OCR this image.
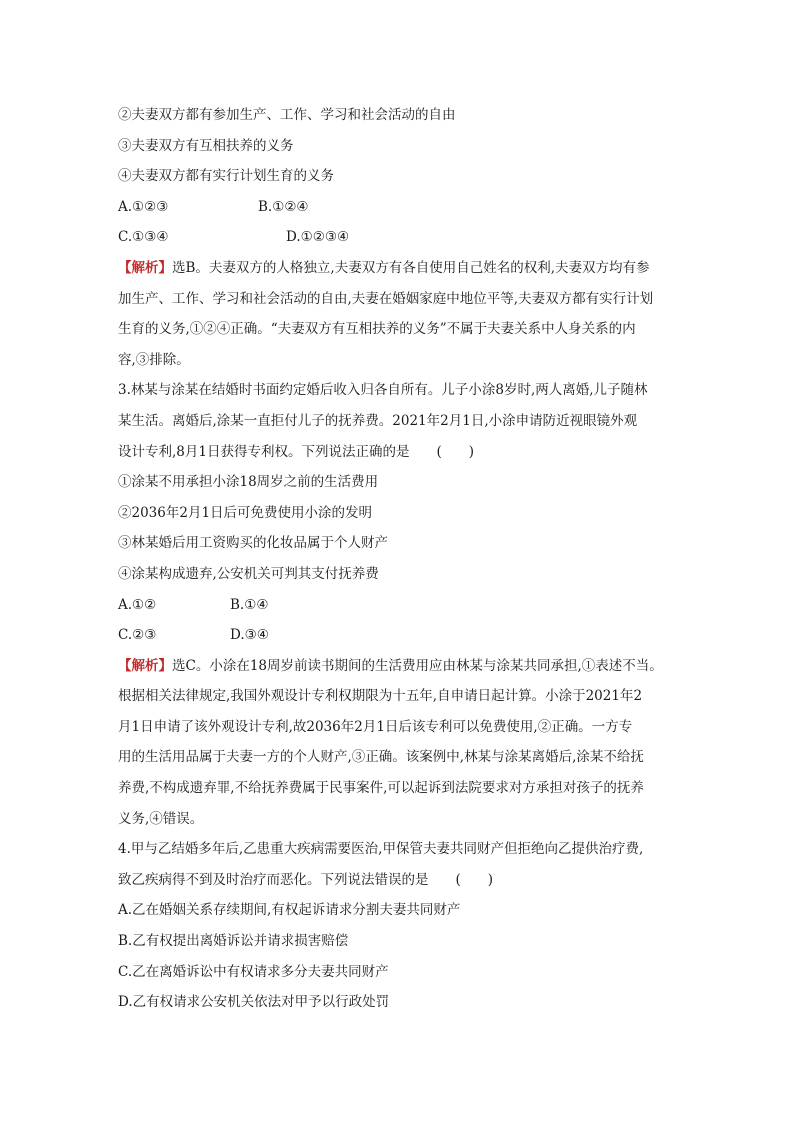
②夫妻双方都有参加生产、工作、学习和社会活动的自由
③夫妻双方有互相扶养的义务
④夫妻双方都有实行计划生育的义务
A.①②③	B.①②④
C.①③④	D.①②③④
【解析】选B。夫妻双方的人格独立,夫妻双方有各自使用自己姓名的权利,夫妻双方均有参
加生产、工作、学习和社会活动的自由,夫妻在婚姻家庭中地位平等,夫妻双方都有实行计划
生育的义务,①②④正确。“夫妻双方有互相扶养的义务”不属于夫妻关系中人身关系的内
容,③排除。
3.林某与涂某在结婚时书面约定婚后收入归各自所有。儿子小涂8岁时,两人离婚,儿子随林
某生活。离婚后,涂某一直拒付儿子的抚养费。2021年2月1日,小涂申请防近视眼镜外观
设计专利,8月1日获得专利权。下列说法正确的是　　(　　)
①涂某不用承担小涂18周岁之前的生活费用
②2036年2月1日后可免费使用小涂的发明
③林某婚后用工资购买的化妆品属于个人财产
④涂某构成遗弃,公安机关可判其支付抚养费
A.①②	B.①④
C.②③	D.③④
【解析】选C。小涂在18周岁前读书期间的生活费用应由林某与涂某共同承担,①表述不当。
根据相关法律规定,我国外观设计专利权期限为十五年,自申请日起计算。小涂于2021年2
月1日申请了该外观设计专利,故2036年2月1日后该专利可以免费使用,②正确。一方专
用的生活用品属于夫妻一方的个人财产,③正确。该案例中,林某与涂某离婚后,涂某不给抚
养费,不构成遗弃罪,不给抚养费属于民事案件,可以起诉到法院要求对方承担对孩子的抚养
义务,④错误。
4.甲与乙结婚多年后,乙患重大疾病需要医治,甲保管夫妻共同财产但拒绝向乙提供治疗费,
致乙疾病得不到及时治疗而恶化。下列说法错误的是　　(　　)
A.乙在婚姻关系存续期间,有权起诉请求分割夫妻共同财产
B.乙有权提出离婚诉讼并请求损害赔偿
C.乙在离婚诉讼中有权请求多分夫妻共同财产
D.乙有权请求公安机关依法对甲予以行政处罚
